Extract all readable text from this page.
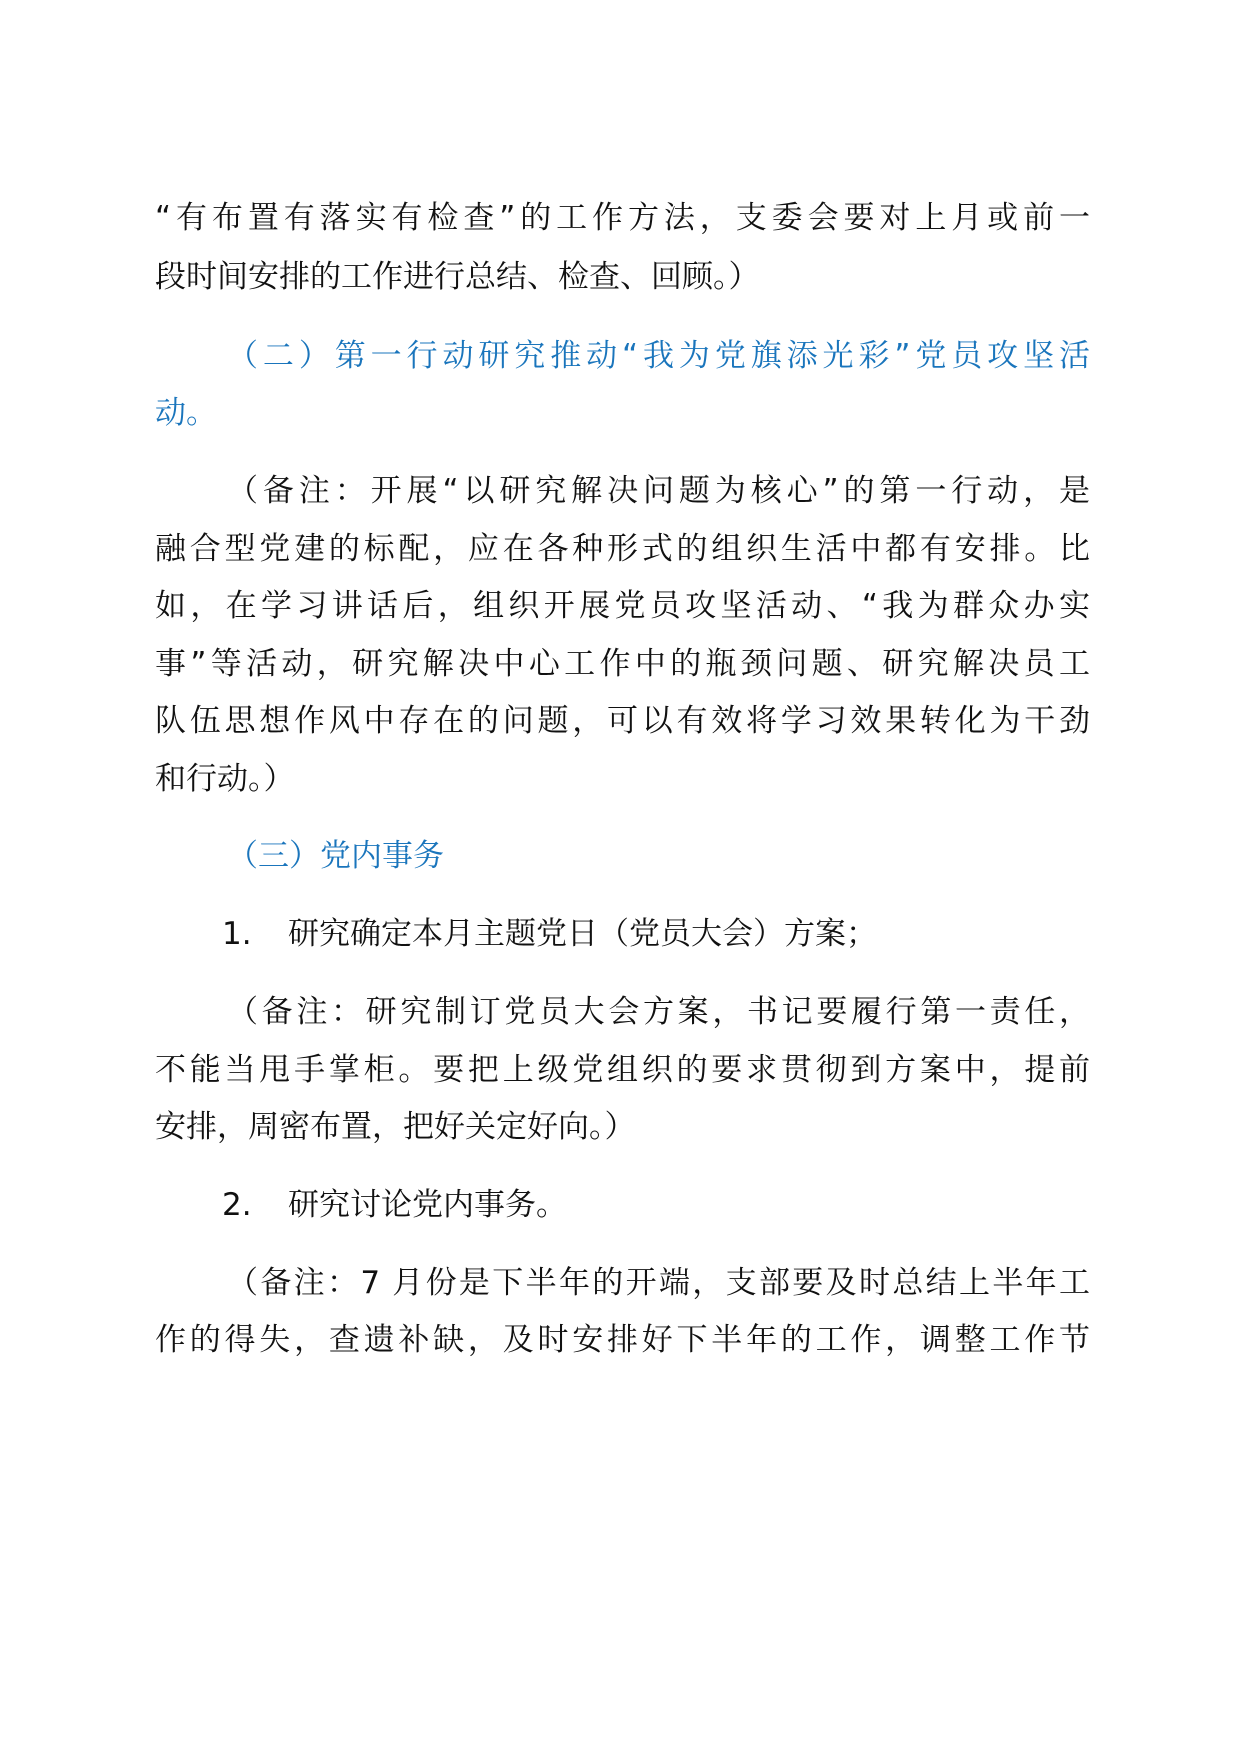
“有布置有落实有检查”的工作方法，支委会要对上月或前一

段时间安排的工作进行总结、检查、回顾。）

（二）第一行动研究推动“我为党旗添光彩”党员攻坚活

动。

（备注：开展“以研究解决问题为核心”的第一行动，是

融合型党建的标配，应在各种形式的组织生活中都有安排。比

如，在学习讲话后，组织开展党员攻坚活动、“我为群众办实

事”等活动，研究解决中心工作中的瓶颈问题、研究解决员工

队伍思想作风中存在的问题，可以有效将学习效果转化为干劲

和行动。）

（三）党内事务

1. 研究确定本月主题党日（党员大会）方案；

（备注：研究制订党员大会方案，书记要履行第一责任，

不能当甩手掌柜。要把上级党组织的要求贯彻到方案中，提前

安排，周密布置，把好关定好向。）

2. 研究讨论党内事务。

（备注：7 月份是下半年的开端，支部要及时总结上半年工

作的得失，查遗补缺，及时安排好下半年的工作，调整工作节
